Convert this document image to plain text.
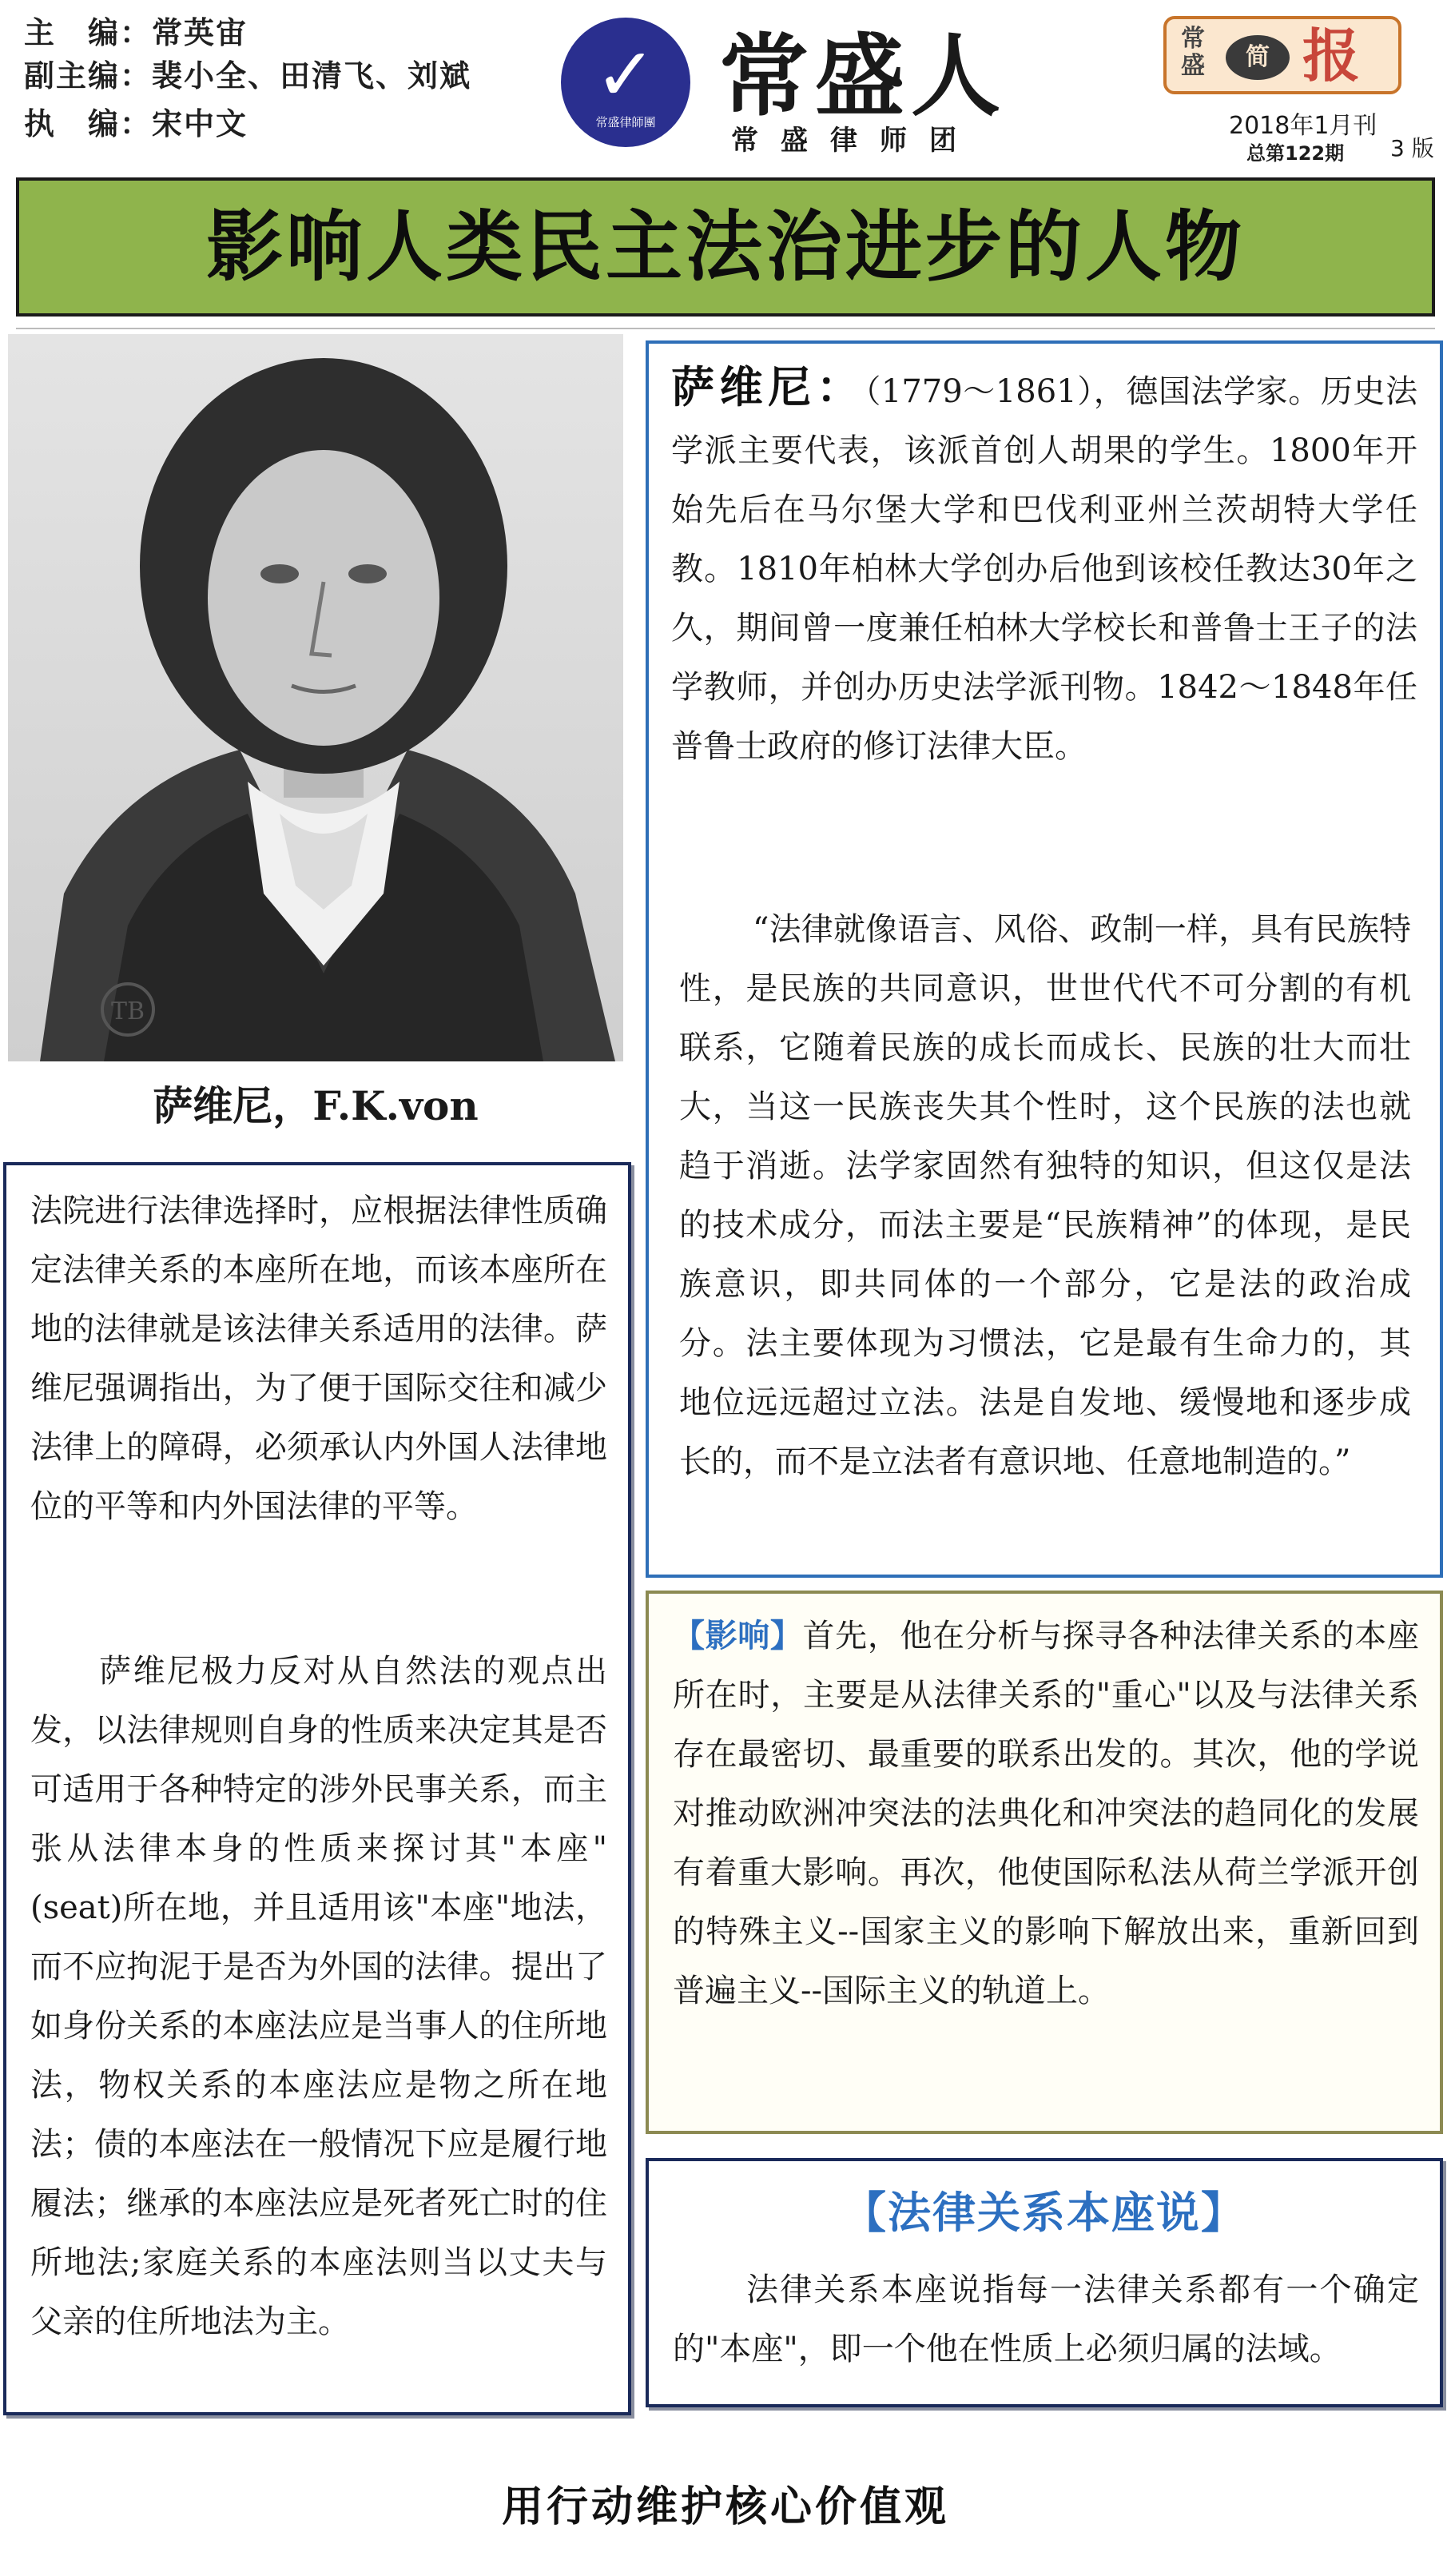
主　编：常英宙
副主编：裴小全、田清飞、刘斌
执　编：宋中文
✓
常盛律師團 常盛人
常盛律师团
常盛	简 报
2018年1月刊
总第122期 3 版
影响人类民主法治进步的人物
TB
萨维尼，F.K.von
萨维尼：（1779～1861），德国法学家。历史法学派主要代表，该派首创人胡果的学生。1800年开始先后在马尔堡大学和巴伐利亚州兰茨胡特大学任教。1810年柏林大学创办后他到该校任教达30年之久，期间曾一度兼任柏林大学校长和普鲁士王子的法学教师，并创办历史法学派刊物。1842～1848年任普鲁士政府的修订法律大臣。
“法律就像语言、风俗、政制一样，具有民族特性，是民族的共同意识，世世代代不可分割的有机联系，它随着民族的成长而成长、民族的壮大而壮大，当这一民族丧失其个性时，这个民族的法也就趋于消逝。法学家固然有独特的知识，但这仅是法的技术成分，而法主要是“民族精神”的体现，是民族意识，即共同体的一个部分，它是法的政治成分。法主要体现为习惯法，它是最有生命力的，其地位远远超过立法。法是自发地、缓慢地和逐步成长的，而不是立法者有意识地、任意地制造的。”
法院进行法律选择时，应根据法律性质确定法律关系的本座所在地，而该本座所在地的法律就是该法律关系适用的法律。萨维尼强调指出，为了便于国际交往和减少法律上的障碍，必须承认内外国人法律地位的平等和内外国法律的平等。
萨维尼极力反对从自然法的观点出发，以法律规则自身的性质来决定其是否可适用于各种特定的涉外民事关系，而主张从法律本身的性质来探讨其"本座"(seat)所在地，并且适用该"本座"地法，而不应拘泥于是否为外国的法律。提出了如身份关系的本座法应是当事人的住所地法，物权关系的本座法应是物之所在地法；债的本座法在一般情况下应是履行地履法；继承的本座法应是死者死亡时的住所地法;家庭关系的本座法则当以丈夫与父亲的住所地法为主。
【影响】首先，他在分析与探寻各种法律关系的本座所在时，主要是从法律关系的"重心"以及与法律关系存在最密切、最重要的联系出发的。其次，他的学说对推动欧洲冲突法的法典化和冲突法的趋同化的发展有着重大影响。再次，他使国际私法从荷兰学派开创的特殊主义--国家主义的影响下解放出来，重新回到普遍主义--国际主义的轨道上。
【法律关系本座说】
法律关系本座说指每一法律关系都有一个确定的"本座"，即一个他在性质上必须归属的法域。
用行动维护核心价值观
